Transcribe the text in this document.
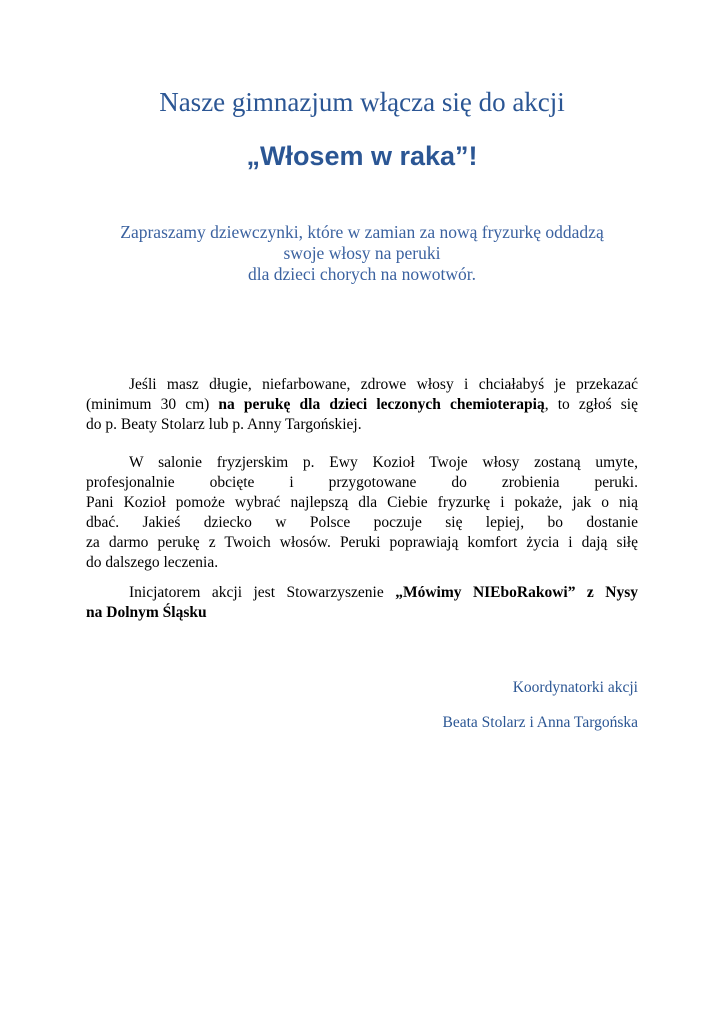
Nasze gimnazjum włącza się do akcji
„Włosem w raka”!
Zapraszamy dziewczynki, które w zamian za nową fryzurkę oddadzą
swoje włosy na peruki
dla dzieci chorych na nowotwór.
Jeśli masz długie, niefarbowane, zdrowe włosy i chciałabyś je przekazać
(minimum 30 cm) na perukę dla dzieci leczonych chemioterapią, to zgłoś się
do p. Beaty Stolarz lub p. Anny Targońskiej.
W salonie fryzjerskim p. Ewy Kozioł Twoje włosy zostaną umyte,
profesjonalnie obcięte i przygotowane do zrobienia peruki.
Pani Kozioł pomoże wybrać najlepszą dla Ciebie fryzurkę i pokaże, jak o nią
dbać. Jakieś dziecko w Polsce poczuje się lepiej, bo dostanie
za darmo perukę z Twoich włosów. Peruki poprawiają komfort życia i dają siłę
do dalszego leczenia.
Inicjatorem akcji jest Stowarzyszenie „Mówimy NIEboRakowi” z Nysy
na Dolnym Śląsku
Koordynatorki akcji
Beata Stolarz i Anna Targońska
